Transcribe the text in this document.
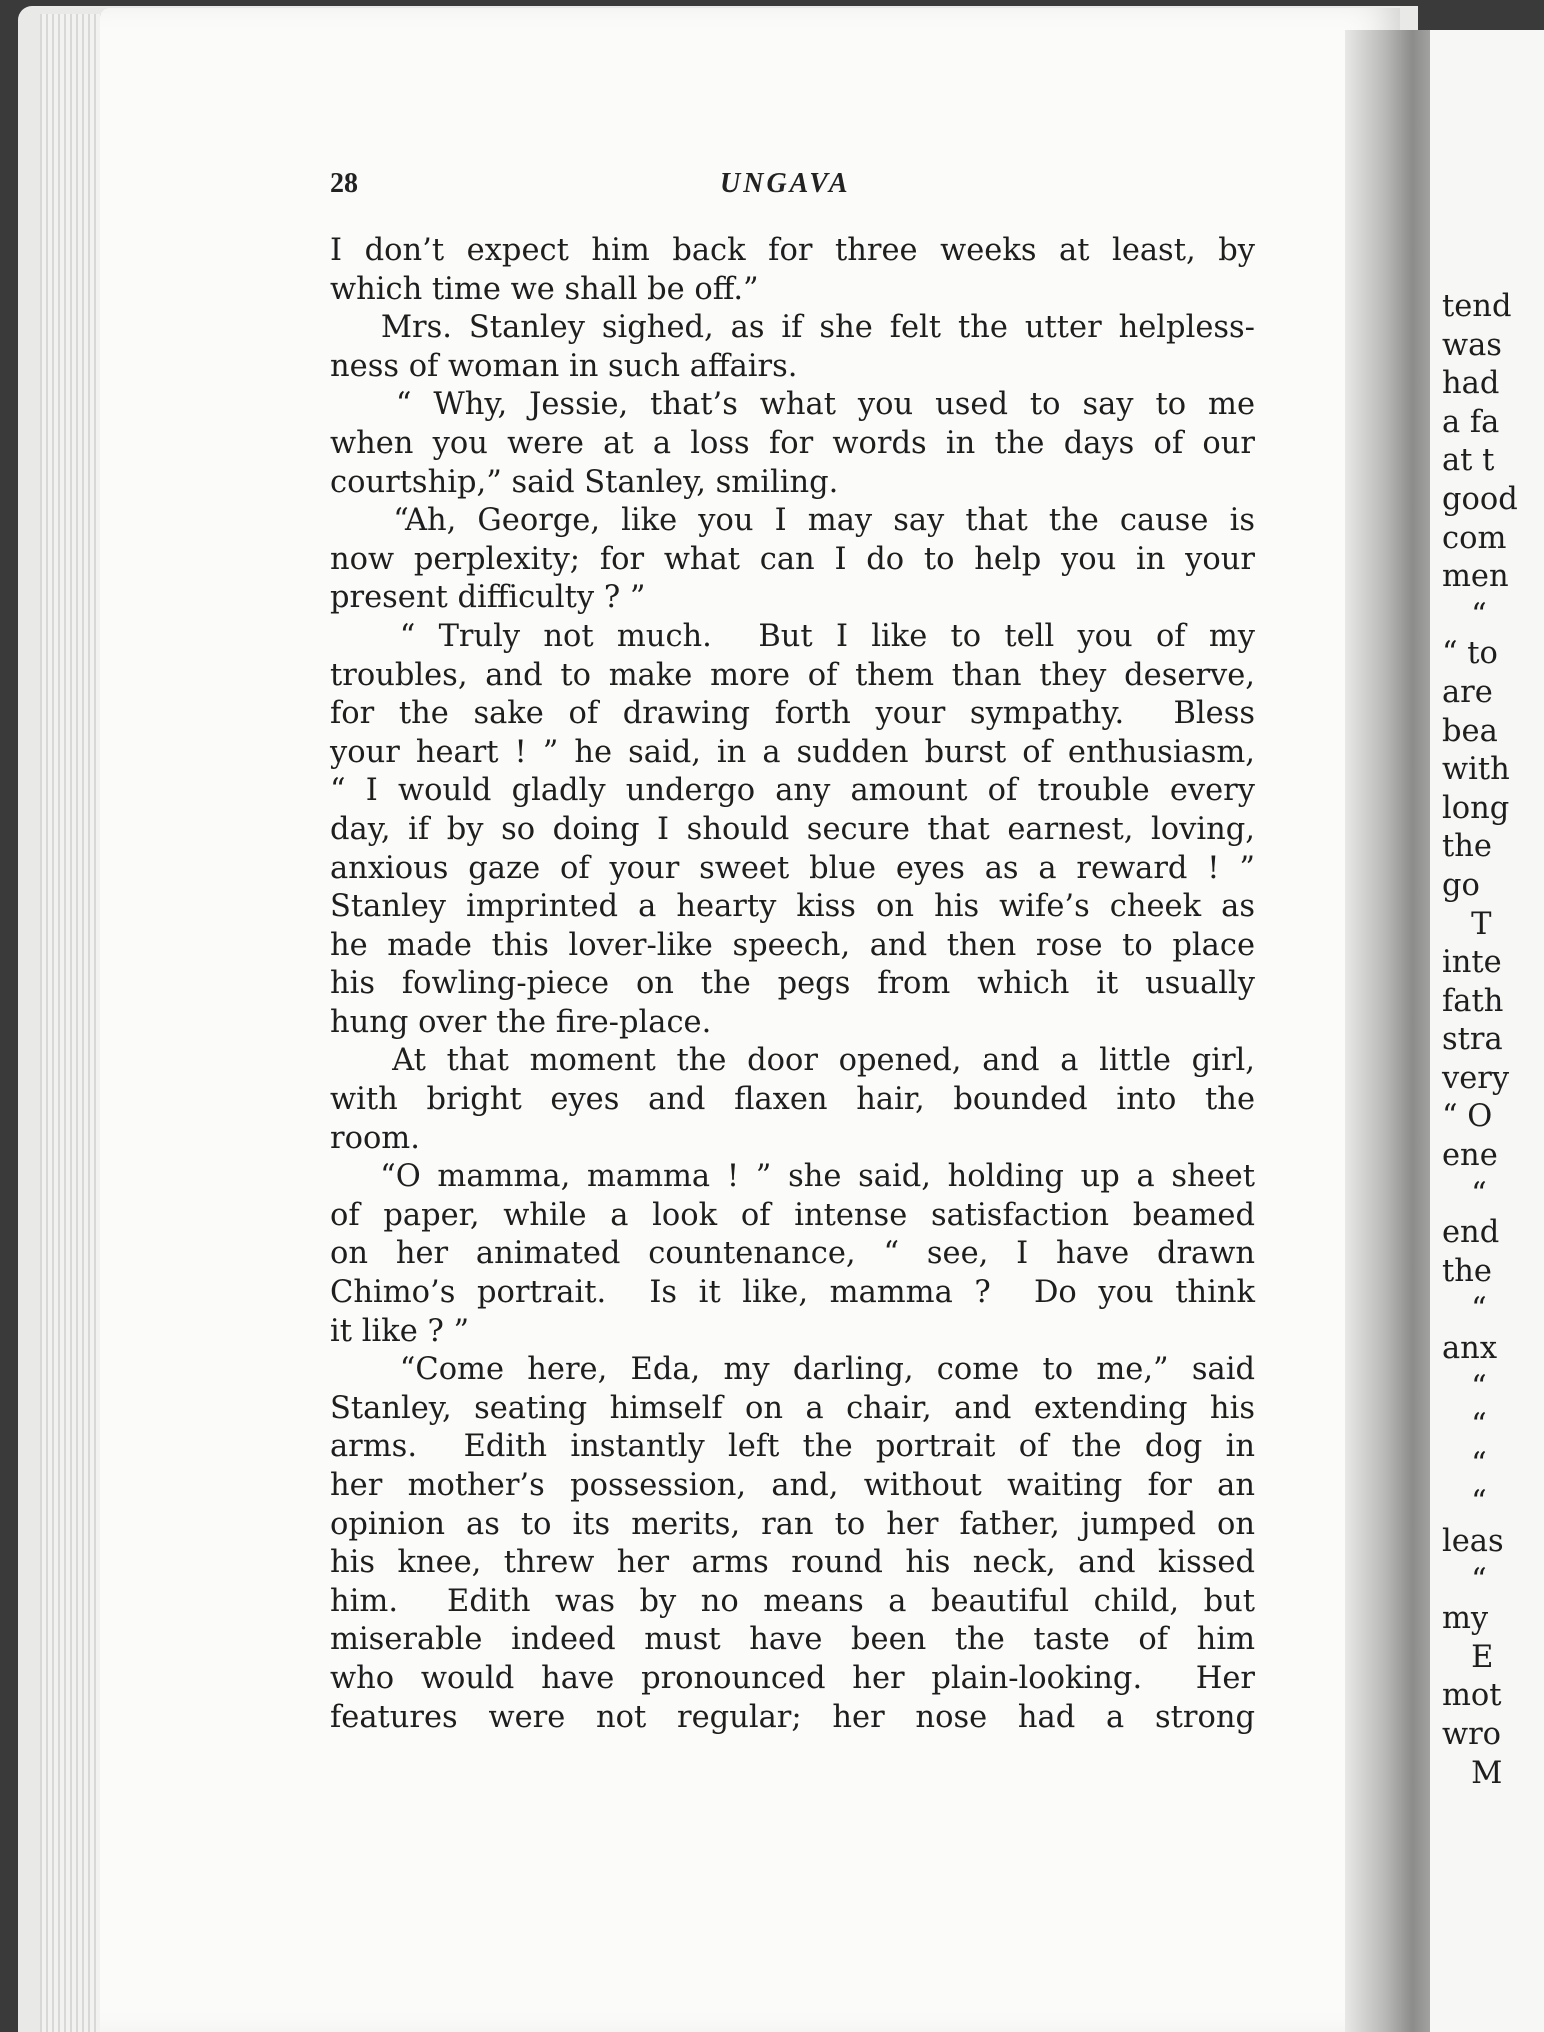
28	UNGAVA
I don’t expect him back for three weeks at least, by
which time we shall be off.”
Mrs. Stanley sighed, as if she felt the utter helpless-
ness of woman in such affairs.
“ Why, Jessie, that’s what you used to say to me
when you were at a loss for words in the days of our
courtship,” said Stanley, smiling.
“Ah, George, like you I may say that the cause is
now perplexity; for what can I do to help you in your
present difficulty ? ”
“ Truly not much.  But I like to tell you of my
troubles, and to make more of them than they deserve,
for the sake of drawing forth your sympathy.  Bless
your heart ! ” he said, in a sudden burst of enthusiasm,
“ I would gladly undergo any amount of trouble every
day, if by so doing I should secure that earnest, loving,
anxious gaze of your sweet blue eyes as a reward ! ”
Stanley imprinted a hearty kiss on his wife’s cheek as
he made this lover-like speech, and then rose to place
his fowling-piece on the pegs from which it usually
hung over the fire-place.
At that moment the door opened, and a little girl,
with bright eyes and flaxen hair, bounded into the
room.
“O mamma, mamma ! ” she said, holding up a sheet
of paper, while a look of intense satisfaction beamed
on her animated countenance, “ see, I have drawn
Chimo’s portrait.  Is it like, mamma ?  Do you think
it like ? ”
“Come here, Eda, my darling, come to me,” said
Stanley, seating himself on a chair, and extending his
arms.  Edith instantly left the portrait of the dog in
her mother’s possession, and, without waiting for an
opinion as to its merits, ran to her father, jumped on
his knee, threw her arms round his neck, and kissed
him.  Edith was by no means a beautiful child, but
miserable indeed must have been the taste of him
who would have pronounced her plain-looking.  Her
features were not regular; her nose had a strong
tend
was
had
a fa
at t
good
com
men
“
“ to
are
bea
with
long
the
go
T
inte
fath
stra
very
“ O
ene
“
end
the
“
anx
“
“
“
“
leas
“
my
E
mot
wro
M
